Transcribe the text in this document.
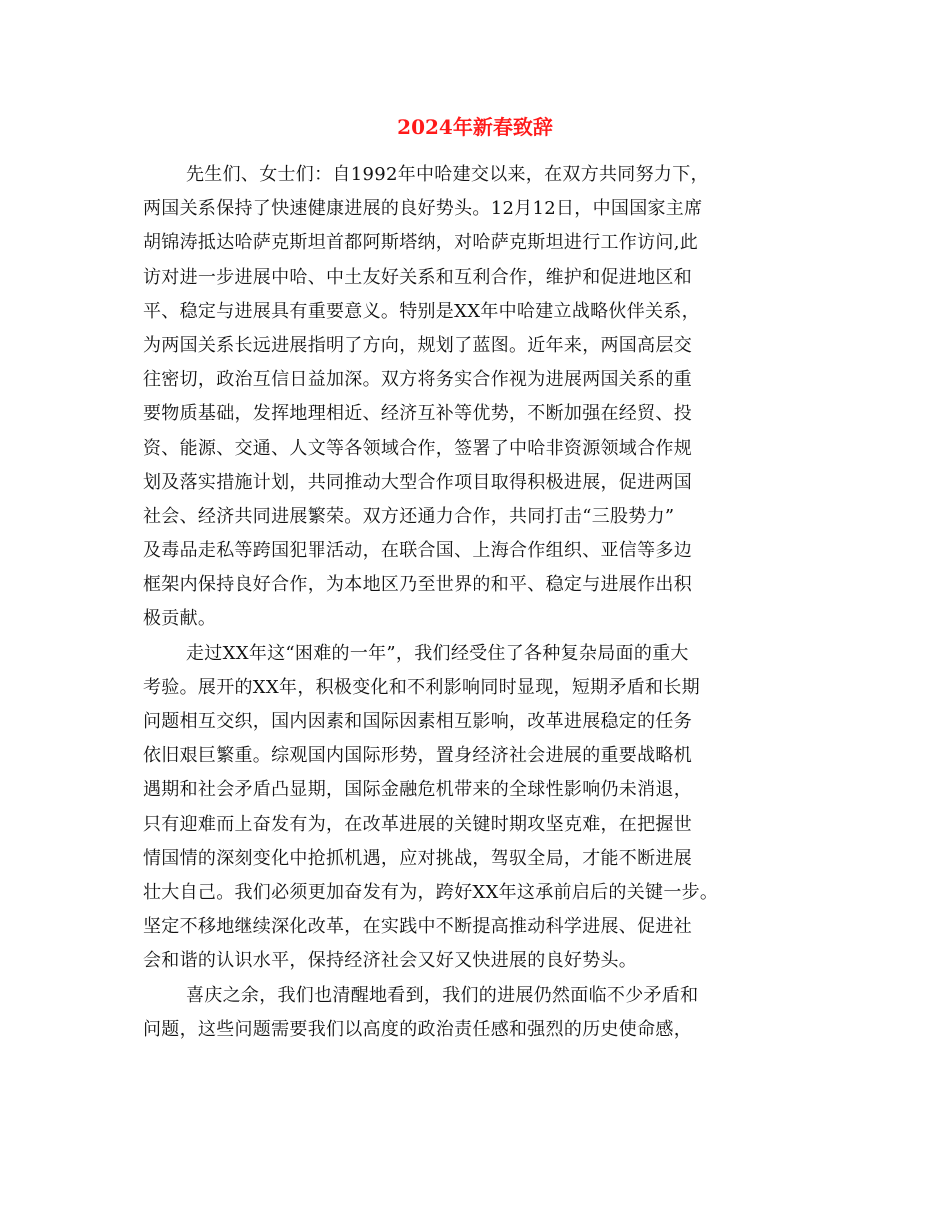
2024年新春致辞
先生们、女士们：自1992年中哈建交以来，在双方共同努力下，
两国关系保持了快速健康进展的良好势头。12月12日，中国国家主席
胡锦涛抵达哈萨克斯坦首都阿斯塔纳，对哈萨克斯坦进行工作访问,此
访对进一步进展中哈、中土友好关系和互利合作，维护和促进地区和
平、稳定与进展具有重要意义。特别是XX年中哈建立战略伙伴关系，
为两国关系长远进展指明了方向，规划了蓝图。近年来，两国高层交
往密切，政治互信日益加深。双方将务实合作视为进展两国关系的重
要物质基础，发挥地理相近、经济互补等优势，不断加强在经贸、投
资、能源、交通、人文等各领域合作，签署了中哈非资源领域合作规
划及落实措施计划，共同推动大型合作项目取得积极进展，促进两国
社会、经济共同进展繁荣。双方还通力合作，共同打击“三股势力”
及毒品走私等跨国犯罪活动，在联合国、上海合作组织、亚信等多边
框架内保持良好合作，为本地区乃至世界的和平、稳定与进展作出积
极贡献。
走过XX年这“困难的一年”，我们经受住了各种复杂局面的重大
考验。展开的XX年，积极变化和不利影响同时显现，短期矛盾和长期
问题相互交织，国内因素和国际因素相互影响，改革进展稳定的任务
依旧艰巨繁重。综观国内国际形势，置身经济社会进展的重要战略机
遇期和社会矛盾凸显期，国际金融危机带来的全球性影响仍未消退，
只有迎难而上奋发有为，在改革进展的关键时期攻坚克难，在把握世
情国情的深刻变化中抢抓机遇，应对挑战，驾驭全局，才能不断进展
壮大自己。我们必须更加奋发有为，跨好XX年这承前启后的关键一步。
坚定不移地继续深化改革，在实践中不断提高推动科学进展、促进社
会和谐的认识水平，保持经济社会又好又快进展的良好势头。
喜庆之余，我们也清醒地看到，我们的进展仍然面临不少矛盾和
问题，这些问题需要我们以高度的政治责任感和强烈的历史使命感，
